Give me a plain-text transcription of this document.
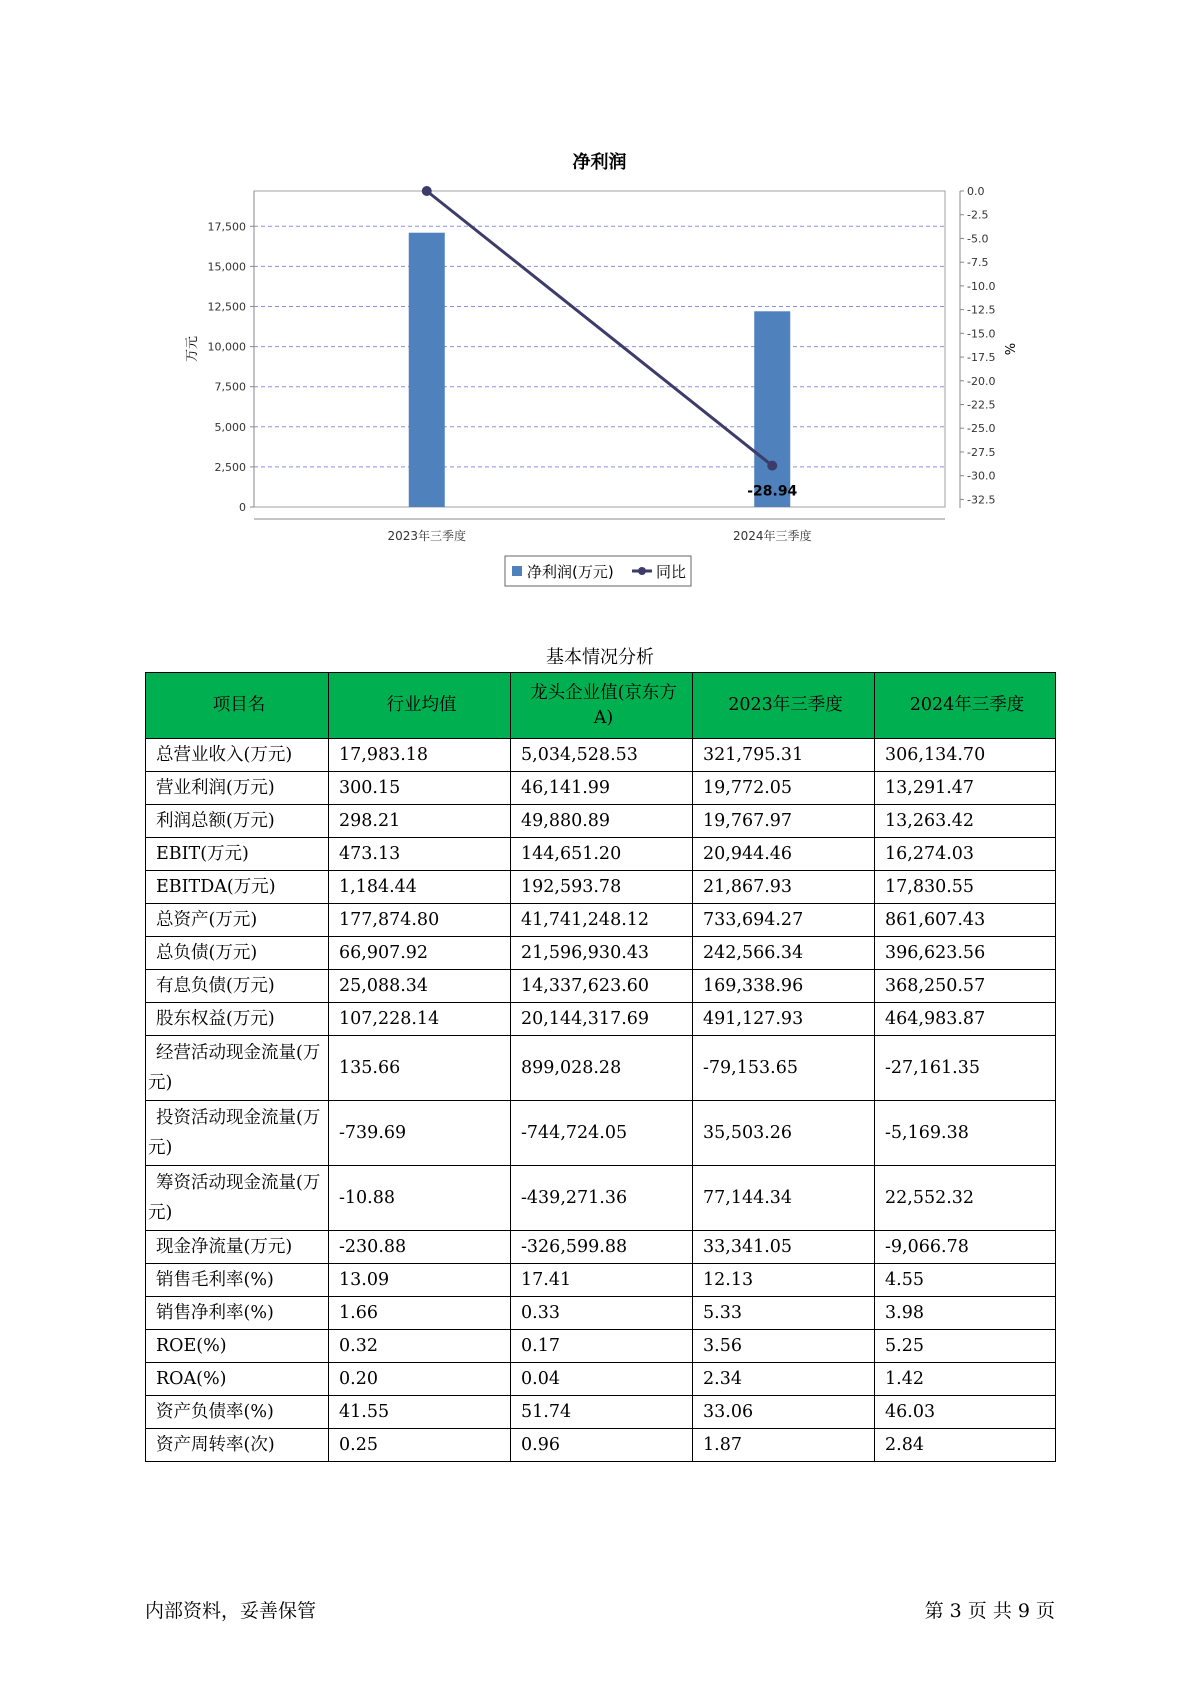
净利润
0
2,500
5,000
7,500
10,000
12,500
15,000
17,500
0.0
-2.5
-5.0
-7.5
-10.0
-12.5
-15.0
-17.5
-20.0
-22.5
-25.0
-27.5
-30.0
-32.5
万元	%
2023年三季度	2024年三季度
-28.94
净利润(万元)	同比
基本情况分析
项目名	行业均值	龙头企业值(京东方A)	2023年三季度	2024年三季度
总营业收入(万元)	17,983.18	5,034,528.53	321,795.31	306,134.70
营业利润(万元)	300.15	46,141.99	19,772.05	13,291.47
利润总额(万元)	298.21	49,880.89	19,767.97	13,263.42
EBIT(万元)	473.13	144,651.20	20,944.46	16,274.03
EBITDA(万元)	1,184.44	192,593.78	21,867.93	17,830.55
总资产(万元)	177,874.80	41,741,248.12	733,694.27	861,607.43
总负债(万元)	66,907.92	21,596,930.43	242,566.34	396,623.56
有息负债(万元)	25,088.34	14,337,623.60	169,338.96	368,250.57
股东权益(万元)	107,228.14	20,144,317.69	491,127.93	464,983.87
经营活动现金流量(万元)	135.66	899,028.28	-79,153.65	-27,161.35
投资活动现金流量(万元)	-739.69	-744,724.05	35,503.26	-5,169.38
筹资活动现金流量(万元)	-10.88	-439,271.36	77,144.34	22,552.32
现金净流量(万元)	-230.88	-326,599.88	33,341.05	-9,066.78
销售毛利率(%)	13.09	17.41	12.13	4.55
销售净利率(%)	1.66	0.33	5.33	3.98
ROE(%)	0.32	0.17	3.56	5.25
ROA(%)	0.20	0.04	2.34	1.42
资产负债率(%)	41.55	51.74	33.06	46.03
资产周转率(次)	0.25	0.96	1.87	2.84
内部资料，妥善保管	第 3 页 共 9 页
